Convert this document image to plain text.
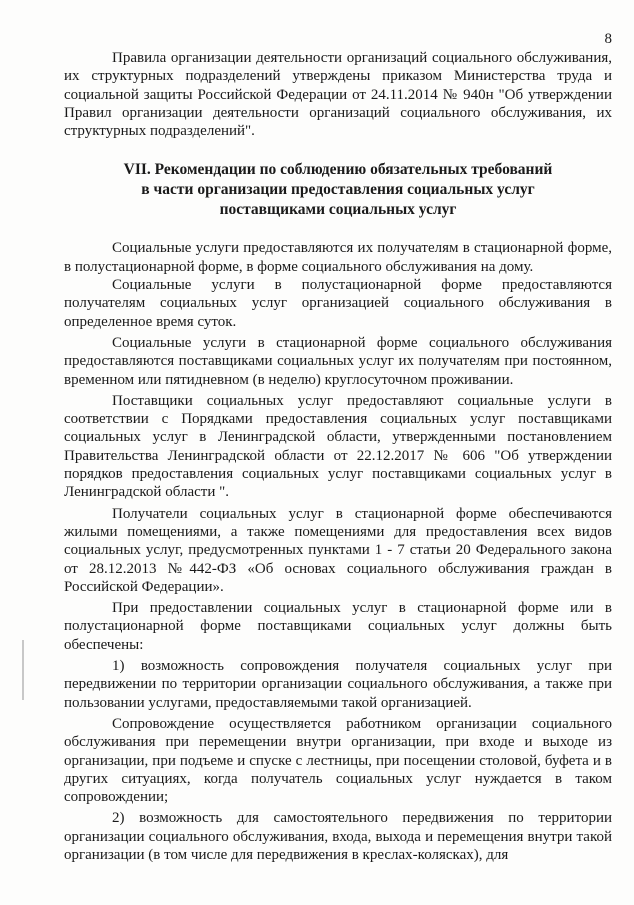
8

Правила организации деятельности организаций социального обслуживания, их структурных подразделений утверждены приказом Министерства труда и социальной защиты Российской Федерации от 24.11.2014 № 940н "Об утверждении Правил организации деятельности организаций социального обслуживания, их структурных подразделений".

VII. Рекомендации по соблюдению обязательных требований
в части организации предоставления социальных услуг
поставщиками социальных услуг

Социальные услуги предоставляются их получателям в стационарной форме, в полустационарной форме, в форме социального обслуживания на дому.

Социальные услуги в полустационарной форме предоставляются получателям социальных услуг организацией социального обслуживания в определенное время суток.

Социальные услуги в стационарной форме социального обслуживания предоставляются поставщиками социальных услуг их получателям при постоянном, временном или пятидневном (в неделю) круглосуточном проживании.

Поставщики социальных услуг предоставляют социальные услуги в соответствии с Порядками предоставления социальных услуг поставщиками социальных услуг в Ленинградской области, утвержденными постановлением Правительства Ленинградской области от 22.12.2017 № 606 "Об утверждении порядков предоставления социальных услуг поставщиками социальных услуг в Ленинградской области ".

Получатели социальных услуг в стационарной форме обеспечиваются жилыми помещениями, а также помещениями для предоставления всех видов социальных услуг, предусмотренных пунктами 1 - 7 статьи 20 Федерального закона от 28.12.2013 №442-ФЗ «Об основах социального обслуживания граждан в Российской Федерации».

При предоставлении социальных услуг в стационарной форме или в полустационарной форме поставщиками социальных услуг должны быть обеспечены:

1) возможность сопровождения получателя социальных услуг при передвижении по территории организации социального обслуживания, а также при пользовании услугами, предоставляемыми такой организацией.

Сопровождение осуществляется работником организации социального обслуживания при перемещении внутри организации, при входе и выходе из организации, при подъеме и спуске с лестницы, при посещении столовой, буфета и в других ситуациях, когда получатель социальных услуг нуждается в таком сопровождении;

2) возможность для самостоятельного передвижения по территории организации социального обслуживания, входа, выхода и перемещения внутри такой организации (в том числе для передвижения в креслах-колясках), для
